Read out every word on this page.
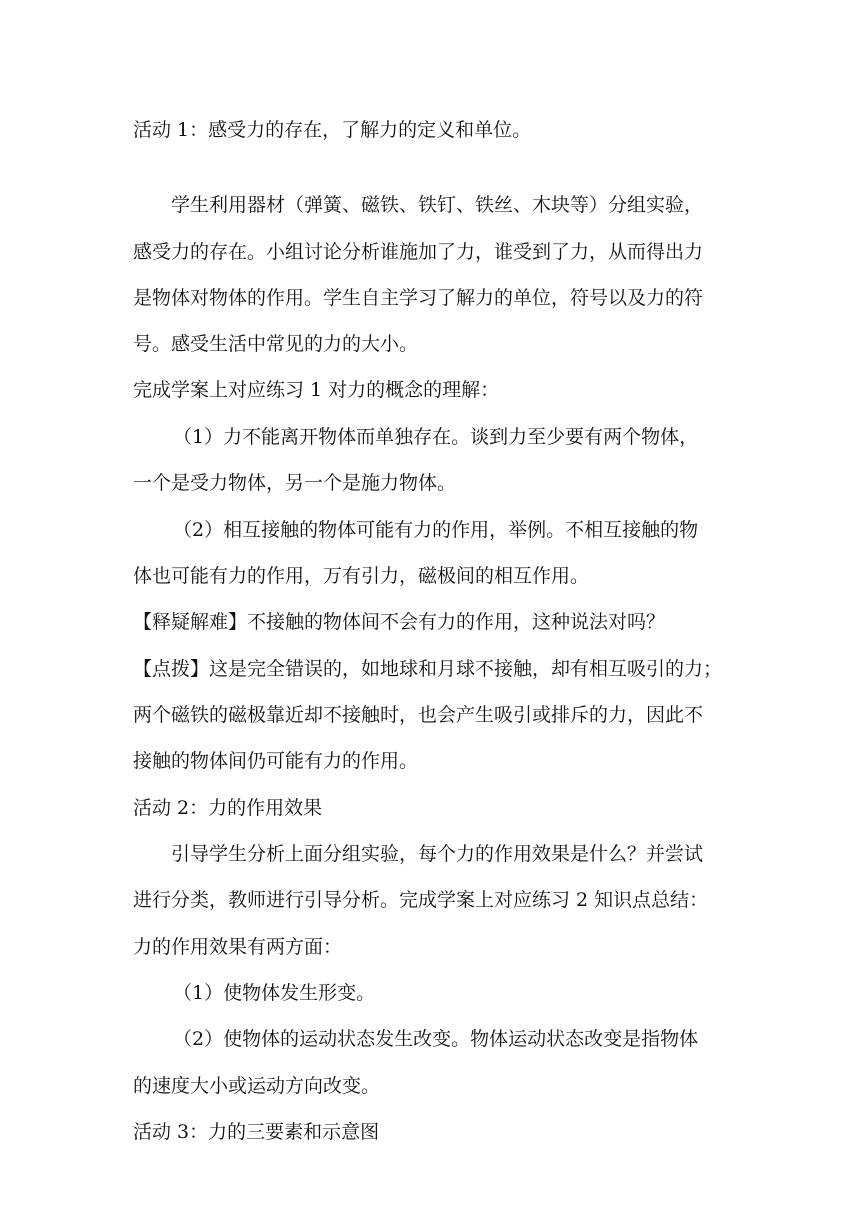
活动 1：感受力的存在，了解力的定义和单位。
学生利用器材（弹簧、磁铁、铁钉、铁丝、木块等）分组实验，
感受力的存在。小组讨论分析谁施加了力，谁受到了力，从而得出力
是物体对物体的作用。学生自主学习了解力的单位，符号以及力的符
号。感受生活中常见的力的大小。
完成学案上对应练习 1 对力的概念的理解：
（1）力不能离开物体而单独存在。谈到力至少要有两个物体，
一个是受力物体，另一个是施力物体。
（2）相互接触的物体可能有力的作用，举例。不相互接触的物
体也可能有力的作用，万有引力，磁极间的相互作用。
【释疑解难】不接触的物体间不会有力的作用，这种说法对吗？
【点拨】这是完全错误的，如地球和月球不接触，却有相互吸引的力；
两个磁铁的磁极靠近却不接触时，也会产生吸引或排斥的力，因此不
接触的物体间仍可能有力的作用。
活动 2：力的作用效果
引导学生分析上面分组实验，每个力的作用效果是什么？并尝试
进行分类，教师进行引导分析。完成学案上对应练习 2 知识点总结：
力的作用效果有两方面：
（1）使物体发生形变。
（2）使物体的运动状态发生改变。物体运动状态改变是指物体
的速度大小或运动方向改变。
活动 3：力的三要素和示意图
